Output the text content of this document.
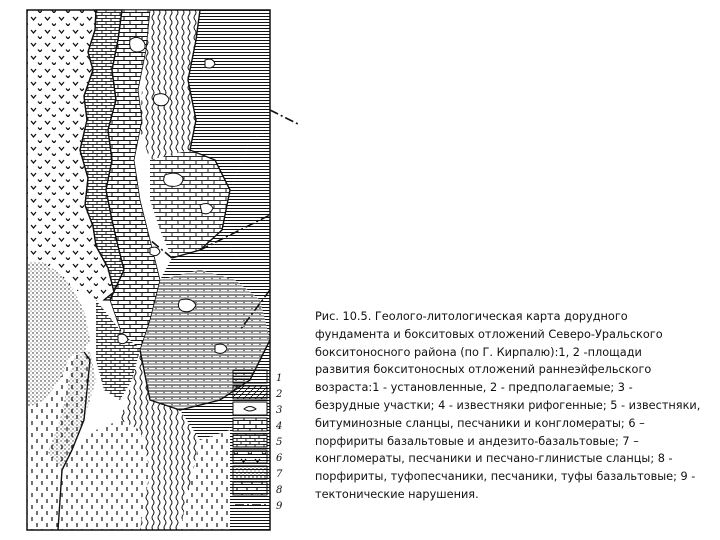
1
2
3
4
5
6
7
8
9
Рис. 10.5. Геолого-литологическая карта дорудного
фундамента и бокситовых отложений Северо-Уральского
бокситоносного района (по Г. Кирпалю):1, 2 -площади
развития бокситоносных отложений раннеэйфельского
возраста:1 - установленные, 2 - предполагаемые; 3 -
безрудные участки; 4 - известняки рифогенные; 5 - известняки,
битуминозные сланцы, песчаники и конгломераты; 6 –
порфириты базальтовые и андезито-базальтовые; 7 –
конгломераты, песчаники и песчано-глинистые сланцы; 8 -
порфириты, туфопесчаники, песчаники, туфы базальтовые; 9 -
тектонические нарушения.
